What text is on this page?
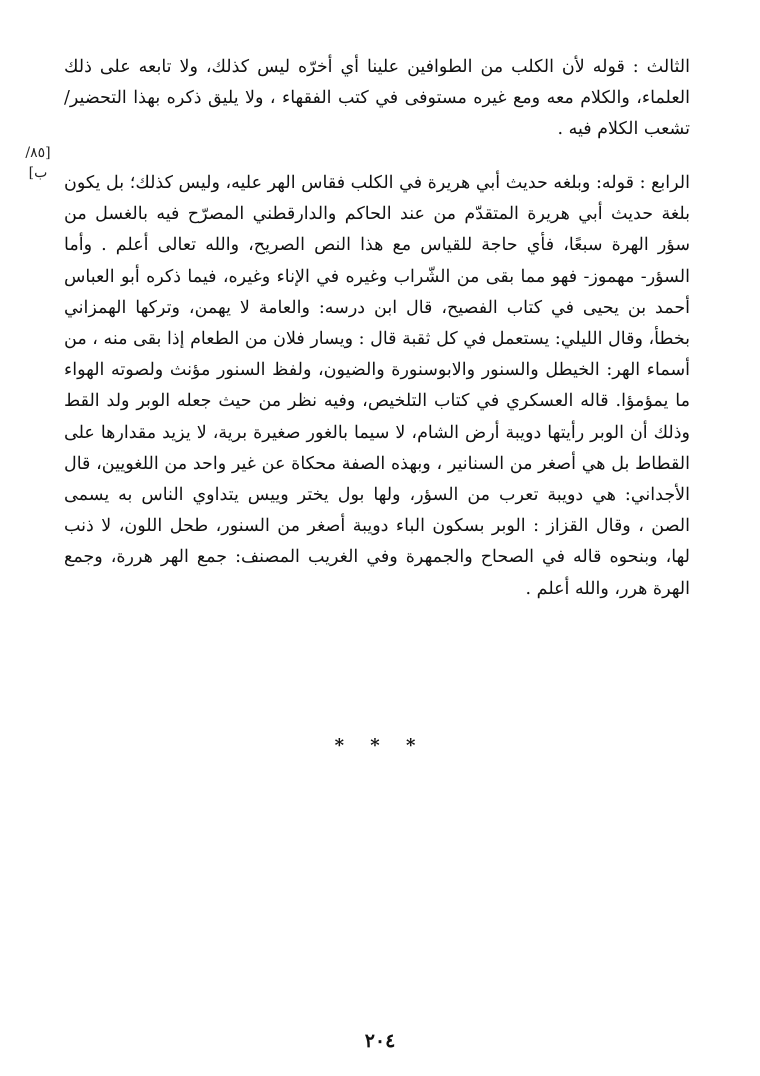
الثالث : قوله لأن الكلب من الطوافين علينا أي أخرّه ليس كذلك، ولا تابعه على ذلك العلماء، والكلام معه ومع غيره مستوفى في كتب الفقهاء ، ولا يليق ذكره بهذا التحضير/ تشعب الكلام فيه .

[٨٥/ ب] الرابع : قوله: وبلغه حديث أبي هريرة في الكلب فقاس الهر عليه، وليس كذلك؛ بل يكون بلغة حديث أبي هريرة المتقدّم من عند الحاكم والدارقطني المصرّح فيه بالغسل من سؤر الهرة سبعًا، فأي حاجة للقياس مع هذا النص الصريح، والله تعالى أعلم . وأما السؤر- مهموز- فهو مما بقى من الشّراب وغيره في الإناء وغيره، فيما ذكره أبو العباس أحمد بن يحيى في كتاب الفصيح، قال ابن درسه: والعامة لا يهمن، وتركها الهمزاني بخطأ، وقال الليلي: يستعمل في كل ثقبة قال : ويسار فلان من الطعام إذا بقى منه ، من أسماء الهر: الخيطل والسنور والابوسنورة والضيون، ولفظ السنور مؤنث ولصوته الهواء ما يمؤمؤا. قاله العسكري في كتاب التلخيص، وفيه نظر من حيث جعله الوبر ولد القط وذلك أن الوبر رأيتها دويبة أرض الشام، لا سيما بالغور صغيرة برية، لا يزيد مقدارها على القطاط بل هي أصغر من السنانير ، وبهذه الصفة محكاة عن غير واحد من اللغويين، قال الأجداني: هي دويبة تعرب من السؤر، ولها بول يختر وييس يتداوي الناس به يسمى الصن ، وقال القزاز : الوبر بسكون الباء دويبة أصغر من السنور، طحل اللون، لا ذنب لها، وبنحوه قاله في الصحاح والجمهرة وفي الغريب المصنف: جمع الهر هررة، وجمع الهرة هرر، والله أعلم .

* * *
٢٠٤
